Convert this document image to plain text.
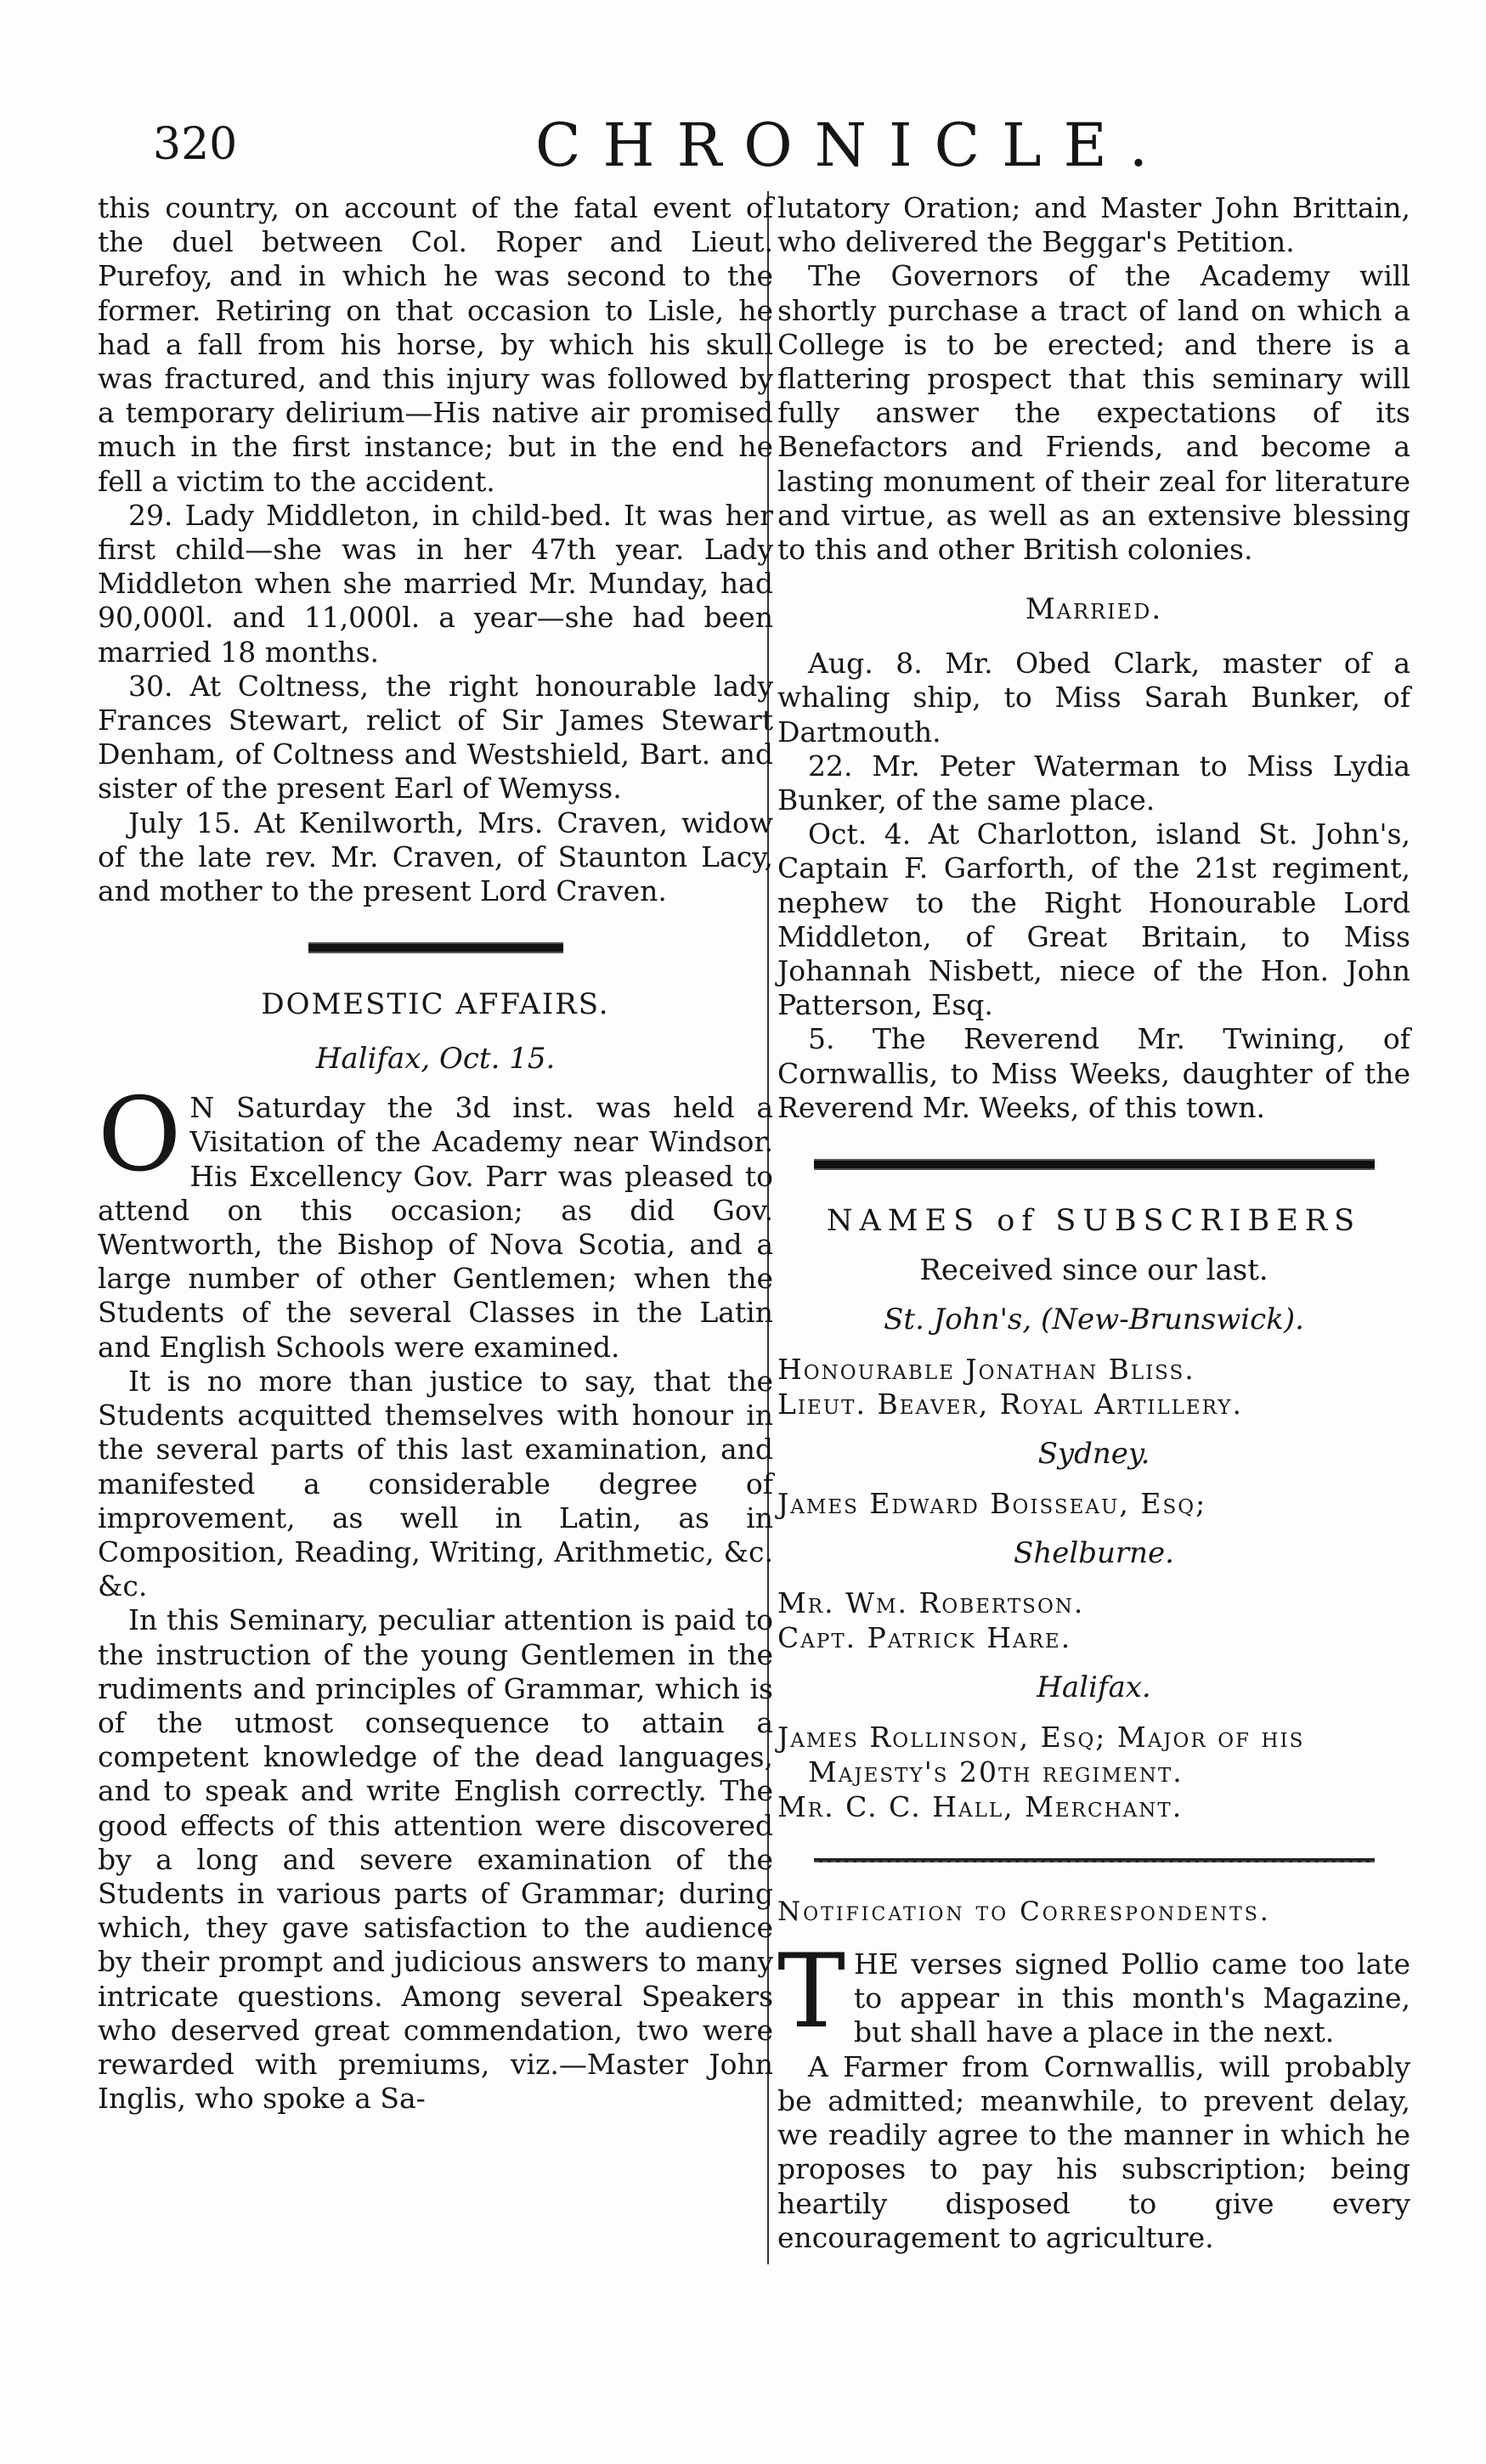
320	CHRONICLE.

this country, on account of the fatal event of the duel between Col. Roper and Lieut. Purefoy, and in which he was second to the former. Retiring on that occasion to Lisle, he had a fall from his horse, by which his skull was fractured, and this injury was followed by a temporary delirium—His native air promised much in the first instance; but in the end he fell a victim to the accident.

29. Lady Middleton, in child-bed. It was her first child—she was in her 47th year. Lady Middleton when she married Mr. Munday, had 90,000l. and 11,000l. a year—she had been married 18 months.

30. At Coltness, the right honourable lady Frances Stewart, relict of Sir James Stewart Denham, of Coltness and Westshield, Bart. and sister of the present Earl of Wemyss.

July 15. At Kenilworth, Mrs. Craven, widow of the late rev. Mr. Craven, of Staunton Lacy, and mother to the present Lord Craven.

DOMESTIC AFFAIRS.
Halifax, Oct. 15.

O N Saturday the 3d inst. was held a Visitation of the Academy near Windsor. His Excellency Gov. Parr was pleased to attend on this occasion; as did Gov. Wentworth, the Bishop of Nova Scotia, and a large number of other Gentlemen; when the Students of the several Classes in the Latin and English Schools were examined.

It is no more than justice to say, that the Students acquitted themselves with honour in the several parts of this last examination, and manifested a considerable degree of improvement, as well in Latin, as in Composition, Reading, Writing, Arithmetic, &c. &c.

In this Seminary, peculiar attention is paid to the instruction of the young Gentlemen in the rudiments and principles of Grammar, which is of the utmost consequence to attain a competent knowledge of the dead languages, and to speak and write English correctly. The good effects of this attention were discovered by a long and severe examination of the Students in various parts of Grammar; during which, they gave satisfaction to the audience by their prompt and judicious answers to many intricate questions. Among several Speakers who deserved great commendation, two were rewarded with premiums, viz.—Master John Inglis, who spoke a Sa-

lutatory Oration; and Master John Brittain, who delivered the Beggar's Petition.

The Governors of the Academy will shortly purchase a tract of land on which a College is to be erected; and there is a flattering prospect that this seminary will fully answer the expectations of its Benefactors and Friends, and become a lasting monument of their zeal for literature and virtue, as well as an extensive blessing to this and other British colonies.

Married.

Aug. 8. Mr. Obed Clark, master of a whaling ship, to Miss Sarah Bunker, of Dartmouth.

22. Mr. Peter Waterman to Miss Lydia Bunker, of the same place.

Oct. 4. At Charlotton, island St. John's, Captain F. Garforth, of the 21st regiment, nephew to the Right Honourable Lord Middleton, of Great Britain, to Miss Johannah Nisbett, niece of the Hon. John Patterson, Esq.

5. The Reverend Mr. Twining, of Cornwallis, to Miss Weeks, daughter of the Reverend Mr. Weeks, of this town.

NAMES of SUBSCRIBERS
Received since our last.
St. John's, (New-Brunswick).
Honourable Jonathan Bliss.
Lieut. Beaver, Royal Artillery.
Sydney.
James Edward Boisseau, Esq;
Shelburne.
Mr. Wm. Robertson.
Capt. Patrick Hare.
Halifax.
James Rollinson, Esq; Major of his Majesty's 20th regiment.
Mr. C. C. Hall, Merchant.
Notification to Correspondents.

THE verses signed Pollio came too late to appear in this month's Magazine, but shall have a place in the next.

A Farmer from Cornwallis, will probably be admitted; meanwhile, to prevent delay, we readily agree to the manner in which he proposes to pay his subscription; being heartily disposed to give every encouragement to agriculture.
